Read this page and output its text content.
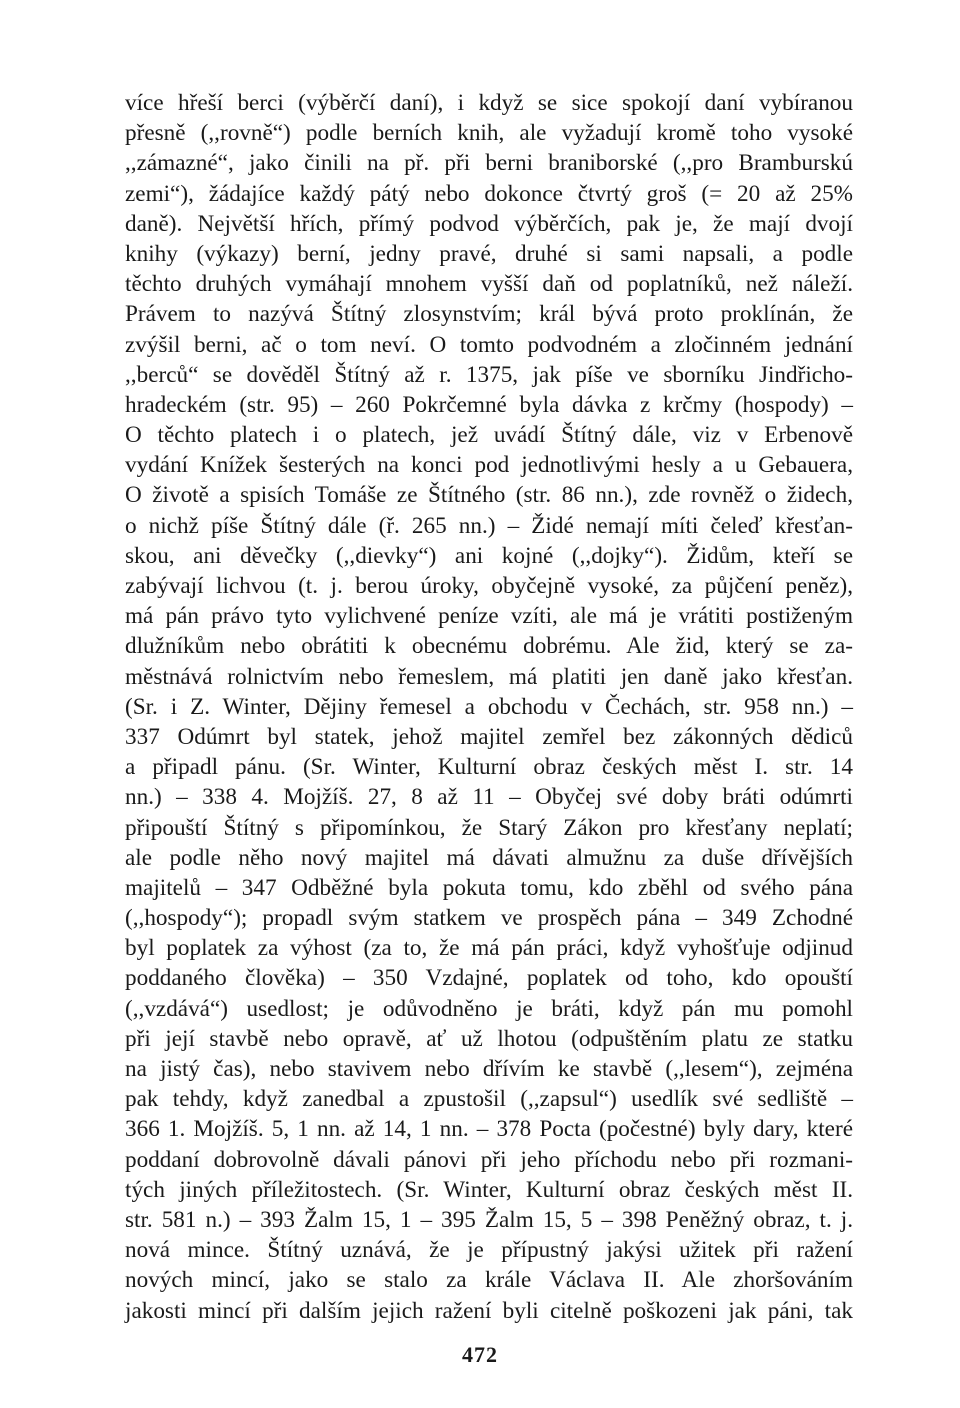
více hřeší berci (výběrčí daní), i když se sice spokojí daní vybíranou
přesně (,,rovně“) podle berních knih, ale vyžadují kromě toho vysoké
,,zámazné“, jako činili na př. při berni braniborské (,,pro Bramburskú
zemi“), žádajíce každý pátý nebo dokonce čtvrtý groš (= 20 až 25%
daně). Největší hřích, přímý podvod výběrčích, pak je, že mají dvojí
knihy (výkazy) berní, jedny pravé, druhé si sami napsali, a podle
těchto druhých vymáhají mnohem vyšší daň od poplatníků, než náleží.
Právem to nazývá Štítný zlosynstvím; král bývá proto proklínán, že
zvýšil berni, ač o tom neví. O tomto podvodném a zločinném jednání
,,berců“ se dověděl Štítný až r. 1375, jak píše ve sborníku Jindřicho-
hradeckém (str. 95) – 260 Pokrčemné byla dávka z krčmy (hospody) –
O těchto platech i o platech, jež uvádí Štítný dále, viz v Erbenově
vydání Knížek šesterých na konci pod jednotlivými hesly a u Gebauera,
O životě a spisích Tomáše ze Štítného (str. 86 nn.), zde rovněž o židech,
o nichž píše Štítný dále (ř. 265 nn.) – Židé nemají míti čeleď křesťan-
skou, ani děvečky (,,dievky“) ani kojné (,,dojky“). Židům, kteří se
zabývají lichvou (t. j. berou úroky, obyčejně vysoké, za půjčení peněz),
má pán právo tyto vylichvené peníze vzíti, ale má je vrátiti postiženým
dlužníkům nebo obrátiti k obecnému dobrému. Ale žid, který se za-
městnává rolnictvím nebo řemeslem, má platiti jen daně jako křesťan.
(Sr. i Z. Winter, Dějiny řemesel a obchodu v Čechách, str. 958 nn.) –
337 Odúmrt byl statek, jehož majitel zemřel bez zákonných dědiců
a připadl pánu. (Sr. Winter, Kulturní obraz českých měst I. str. 14
nn.) – 338 4. Mojžíš. 27, 8 až 11 – Obyčej své doby bráti odúmrti
připouští Štítný s připomínkou, že Starý Zákon pro křesťany neplatí;
ale podle něho nový majitel má dávati almužnu za duše dřívějších
majitelů – 347 Odběžné byla pokuta tomu, kdo zběhl od svého pána
(,,hospody“); propadl svým statkem ve prospěch pána – 349 Zchodné
byl poplatek za výhost (za to, že má pán práci, když vyhošťuje odjinud
poddaného člověka) – 350 Vzdajné, poplatek od toho, kdo opouští
(,,vzdává“) usedlost; je odůvodněno je bráti, když pán mu pomohl
při její stavbě nebo opravě, ať už lhotou (odpuštěním platu ze statku
na jistý čas), nebo stavivem nebo dřívím ke stavbě (,,lesem“), zejména
pak tehdy, když zanedbal a zpustošil (,,zapsul“) usedlík své sedliště –
366 1. Mojžíš. 5, 1 nn. až 14, 1 nn. – 378 Pocta (počestné) byly dary, které
poddaní dobrovolně dávali pánovi při jeho příchodu nebo při rozmani-
tých jiných příležitostech. (Sr. Winter, Kulturní obraz českých měst II.
str. 581 n.) – 393 Žalm 15, 1 – 395 Žalm 15, 5 – 398 Peněžný obraz, t. j.
nová mince. Štítný uznává, že je přípustný jakýsi užitek při ražení
nových mincí, jako se stalo za krále Václava II. Ale zhoršováním
jakosti mincí při dalším jejich ražení byli citelně poškozeni jak páni, tak
472
